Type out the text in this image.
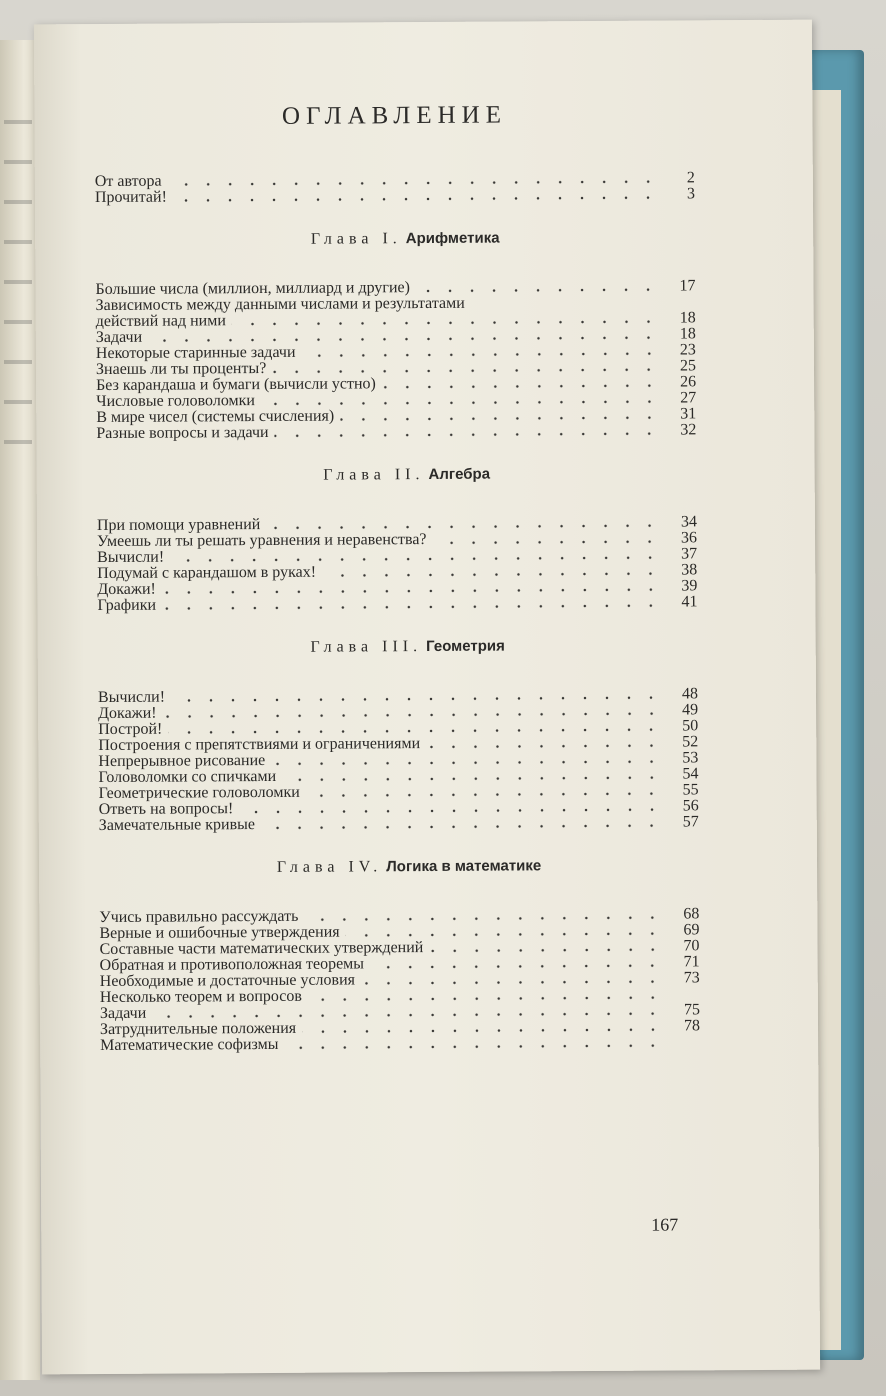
ОГЛАВЛЕНИЕ
От автора	2
Прочитай!	3
Глава I. Арифметика
Большие числа (миллион, миллиард и другие)	17
Зависимость между данными числами и результатами
действий над ними	18
Задачи	18
Некоторые старинные задачи	23
Знаешь ли ты проценты?	25
Без карандаша и бумаги (вычисли устно)	26
Числовые головоломки	27
В мире чисел (системы счисления)	31
Разные вопросы и задачи	32
Глава II. Алгебра
При помощи уравнений	34
Умеешь ли ты решать уравнения и неравенства?	36
Вычисли!	37
Подумай с карандашом в руках!	38
Докажи!	39
Графики	41
Глава III. Геометрия
Вычисли!	48
Докажи!	49
Построй!	50
Построения с препятствиями и ограничениями	52
Непрерывное рисование	53
Головоломки со спичками	54
Геометрические головоломки	55
Ответь на вопросы!	56
Замечательные кривые	57
Глава IV. Логика в математике
Учись правильно рассуждать	68
Верные и ошибочные утверждения	69
Составные части математических утверждений	70
Обратная и противоположная теоремы	71
Необходимые и достаточные условия	73
Несколько теорем и вопросов
Задачи	75
Затруднительные положения	78
Математические софизмы
167
